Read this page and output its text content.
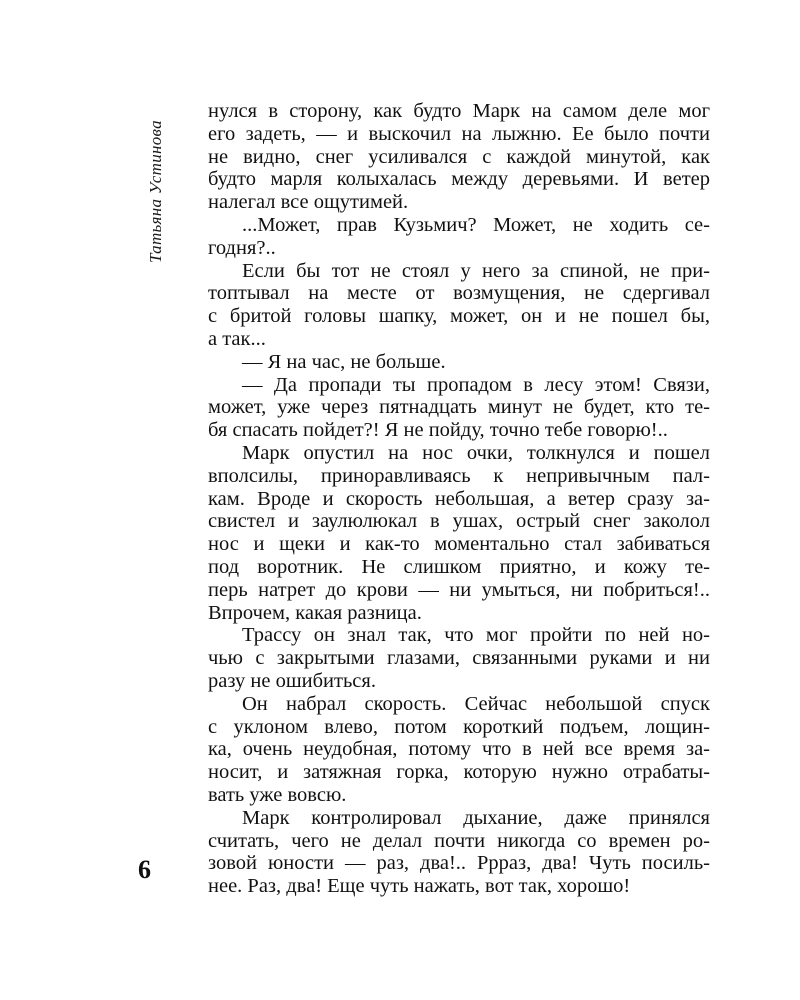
Татьяна Устинова
нулся в сторону, как будто Марк на самом деле мог
его задеть, — и выскочил на лыжню. Ее было почти
не видно, снег усиливался с каждой минутой, как
будто марля колыхалась между деревьями. И ветер
налегал все ощутимей.
...Может, прав Кузьмич? Может, не ходить се-
годня?..
Если бы тот не стоял у него за спиной, не при-
топтывал на месте от возмущения, не сдергивал
с бритой головы шапку, может, он и не пошел бы,
а так...
— Я на час, не больше.
— Да пропади ты пропадом в лесу этом! Связи,
может, уже через пятнадцать минут не будет, кто те-
бя спасать пойдет?! Я не пойду, точно тебе говорю!..
Марк опустил на нос очки, толкнулся и пошел
вполсилы, приноравливаясь к непривычным пал-
кам. Вроде и скорость небольшая, а ветер сразу за-
свистел и заулюлюкал в ушах, острый снег заколол
нос и щеки и как-то моментально стал забиваться
под воротник. Не слишком приятно, и кожу те-
перь натрет до крови — ни умыться, ни побриться!..
Впрочем, какая разница.
Трассу он знал так, что мог пройти по ней но-
чью с закрытыми глазами, связанными руками и ни
разу не ошибиться.
Он набрал скорость. Сейчас небольшой спуск
с уклоном влево, потом короткий подъем, лощин-
ка, очень неудобная, потому что в ней все время за-
носит, и затяжная горка, которую нужно отрабаты-
вать уже вовсю.
Марк контролировал дыхание, даже принялся
считать, чего не делал почти никогда со времен ро-
зовой юности — раз, два!.. Рррaз, два! Чуть посиль-
нее. Раз, два! Еще чуть нажать, вот так, хорошо!
6
